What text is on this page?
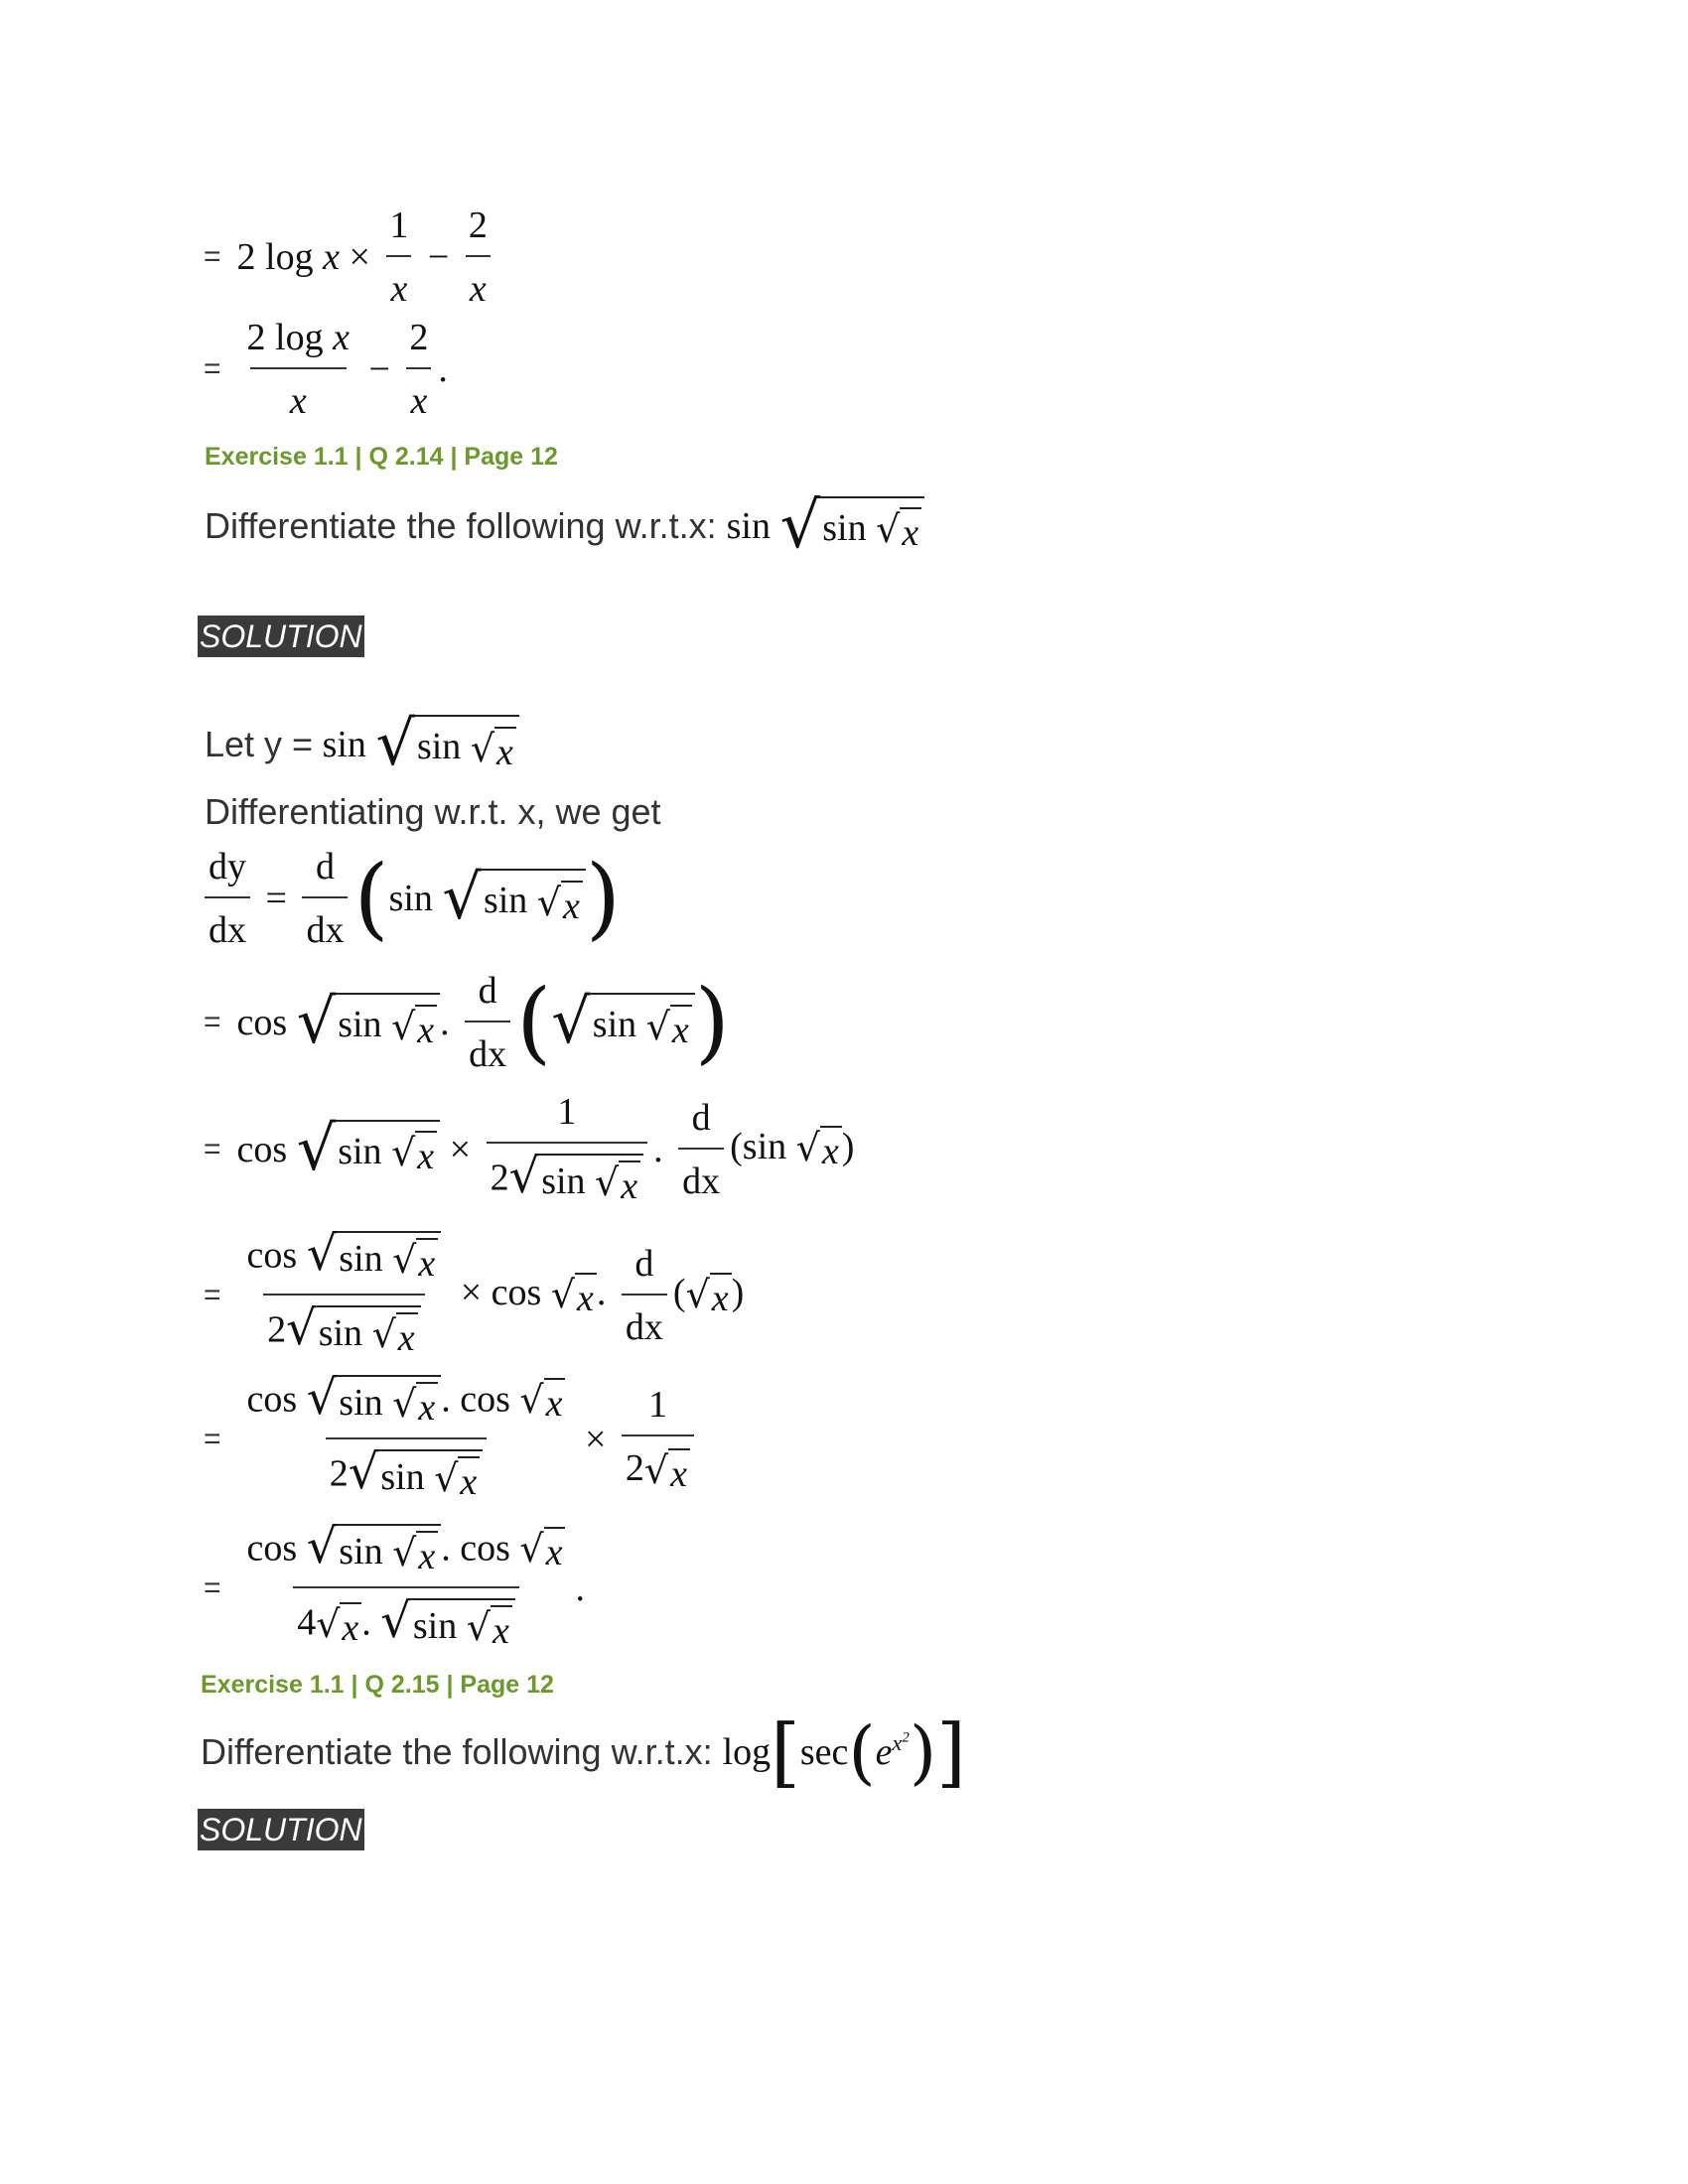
= 2 $\log x \times \frac{1}{x} - \frac{2}{x}$
= $\frac{\text{2 log x}}{x} - \frac{2}{x}$ .
Exercise 1.1 | Q 2.14 | Page 12
Differentiate the following w.r.t.x: sin √ sin √ x
SOLUTION
Let y = sin √ sin √ x
Differentiating w.r.t. x, we get
$\frac{dy}{dx} = \frac{d}{dx}$ ( sin √ sin √ x )
= cos √ sin √ x . $\frac{d}{dx}$ ( √ sin √ x )
= cos √ sin √ $x \times \frac{1}{2 √ \sin √ x}$ . $\frac{d}{dx} (\sin$ √ x )
= $\frac{\cos √ \sin √ x}{2 √ \sin √ x} \times \cos$ √ x . $\frac{d}{dx}$ ( √ x )
= $\frac{\cos √ \sin √ x . \cos √ x}{2 √ \sin √ x} \times \frac{1}{2 √ x}$
= $\frac{\cos √ \sin √ x . \cos √ x}{4 √ x . √ \sin √ x}$ .
Exercise 1.1 | Q 2.15 | Page 12
Differentiate the following w.r.t.x: log [ sec ( $e^{x^2}$ ) ]
SOLUTION
